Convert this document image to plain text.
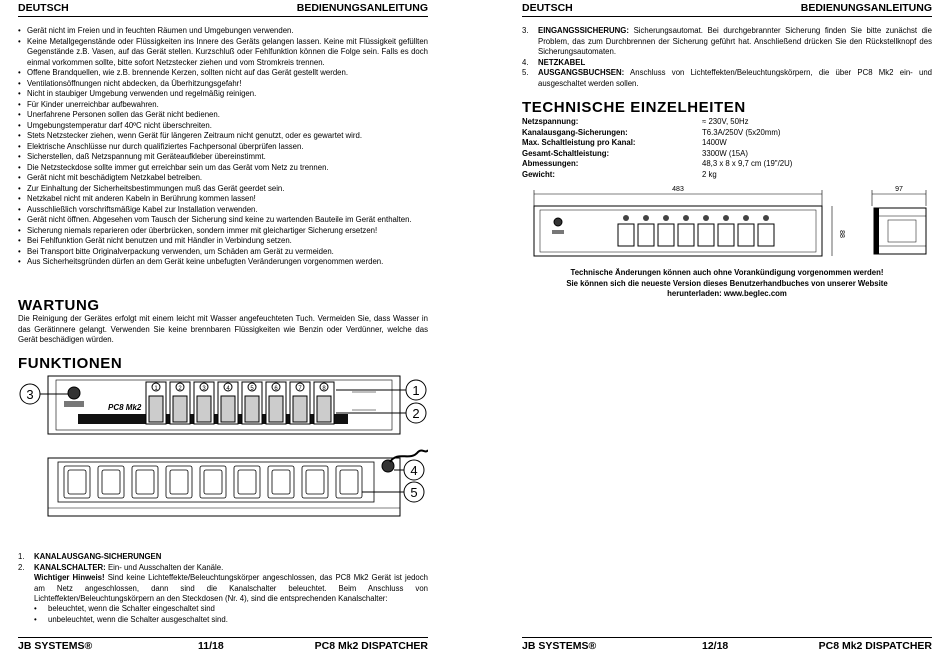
DEUTSCH	BEDIENUNGSANLEITUNG
• Gerät nicht im Freien und in feuchten Räumen und Umgebungen verwenden.
• Keine Metallgegenstände oder Flüssigkeiten ins Innere des Geräts gelangen lassen. Keine mit Flüssigkeit gefüllten Gegenstände z.B. Vasen, auf das Gerät stellen. Kurzschluß oder Fehlfunktion können die Folge sein. Falls es doch einmal vorkommen sollte, bitte sofort Netzstecker ziehen und vom Stromkreis trennen.
• Offene Brandquellen, wie z.B. brennende Kerzen, sollten nicht auf das Gerät gestellt werden.
• Ventilationsöffnungen nicht abdecken, da Überhitzungsgefahr!
• Nicht in staubiger Umgebung verwenden und regelmäßig reinigen.
• Für Kinder unerreichbar aufbewahren.
• Unerfahrene Personen sollen das Gerät nicht bedienen.
• Umgebungstemperatur darf 40ºC nicht überschreiten.
• Stets Netzstecker ziehen, wenn Gerät für längeren Zeitraum nicht genutzt, oder es gewartet wird.
• Elektrische Anschlüsse nur durch qualifiziertes Fachpersonal überprüfen lassen.
• Sicherstellen, daß Netzspannung mit Geräteaufkleber übereinstimmt.
• Die Netzsteckdose sollte immer gut erreichbar sein um das Gerät vom Netz zu trennen.
• Gerät nicht mit beschädigtem Netzkabel betreiben.
• Zur Einhaltung der Sicherheitsbestimmungen muß das Gerät geerdet sein.
• Netzkabel nicht mit anderen Kabeln in Berührung kommen lassen!
• Ausschließlich vorschriftsmäßige Kabel zur Installation verwenden.
• Gerät nicht öffnen. Abgesehen vom Tausch der Sicherung sind keine zu wartenden Bauteile im Gerät enthalten.
• Sicherung niemals reparieren oder überbrücken, sondern immer mit gleichartiger Sicherung ersetzen!
• Bei Fehlfunktion Gerät nicht benutzen und mit Händler in Verbindung setzen.
• Bei Transport bitte Originalverpackung verwenden, um Schäden am Gerät zu vermeiden.
• Aus Sicherheitsgründen dürfen an dem Gerät keine unbefugten Veränderungen vorgenommen werden.
WARTUNG
Die Reinigung der Gerätes erfolgt mit einem leicht mit Wasser angefeuchteten Tuch. Vermeiden Sie, dass Wasser in das Gerätinnere gelangt. Verwenden Sie keine brennbaren Flüssigkeiten wie Benzin oder Verdünner, welche das Gerät beschädigen würden.
FUNKTIONEN
PC8 Mk2
1	2	3	4	5	6	7	8
3	1
2
4
5
1. KANALAUSGANG-SICHERUNGEN
2. KANALSCHALTER: Ein- und Ausschalten der Kanäle.
Wichtiger Hinweis! Sind keine Lichteffekte/Beleuchtungskörper angeschlossen, das PC8 Mk2 Gerät ist jedoch am Netz angeschlossen, dann sind die Kanalschalter beleuchtet. Beim Anschluss von Lichteffekten/Beleuchtungskörpern an den Steckdosen (Nr. 4), sind die entsprechenden Kanalschalter:
• beleuchtet, wenn die Schalter eingeschaltet sind
• unbeleuchtet, wenn die Schalter ausgeschaltet sind.
JB SYSTEMS®	11/18	PC8 Mk2 DISPATCHER
DEUTSCH	BEDIENUNGSANLEITUNG
3. EINGANGSSICHERUNG: Sicherungsautomat. Bei durchgebrannter Sicherung finden Sie bitte zunächst die Problem, das zum Durchbrennen der Sicherung geführt hat. Anschließend drücken Sie den Rückstellknopf des Sicherungsautomaten.
4. NETZKABEL
5. AUSGANGSBUCHSEN: Anschluss von Lichteffekten/Beleuchtungskörpern, die über PC8 Mk2 ein- und ausgeschaltet werden sollen.
TECHNISCHE EINZELHEITEN
Netzspannung:	≈ 230V, 50Hz
Kanalausgang-Sicherungen:	T6.3A/250V (5x20mm)
Max. Schaltleistung pro Kanal:	1400W
Gesamt-Schaltleistung:	3300W (15A)
Abmessungen:	48,3 x 8 x 9,7 cm (19"/2U)
Gewicht:	2 kg
483
88
97
Technische Änderungen können auch ohne Vorankündigung vorgenommen werden!
Sie können sich die neueste Version dieses Benutzerhandbuches von unserer Website
herunterladen: www.beglec.com
JB SYSTEMS®	12/18	PC8 Mk2 DISPATCHER
